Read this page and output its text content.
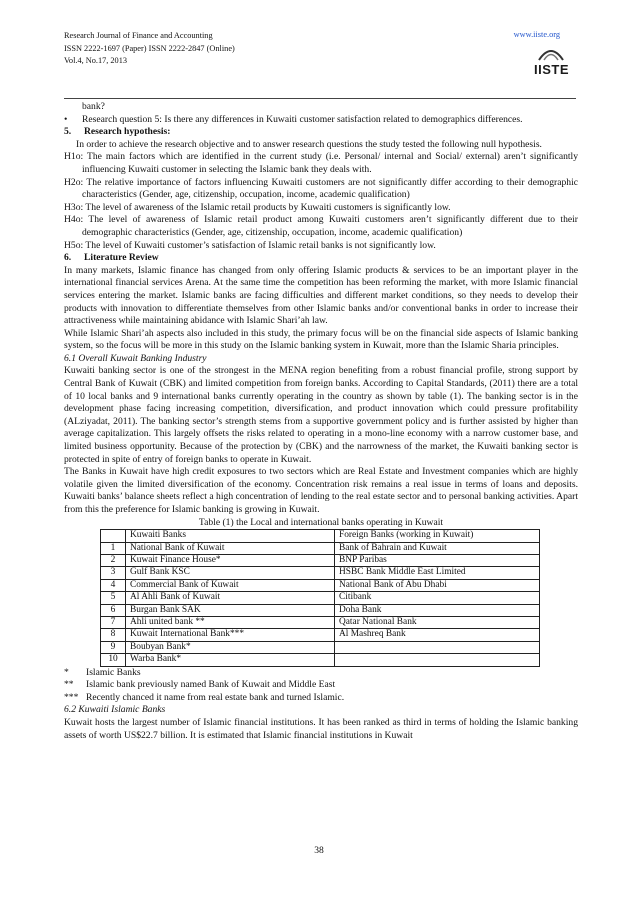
Research Journal of Finance and Accounting
ISSN 2222-1697 (Paper) ISSN 2222-2847 (Online)
Vol.4, No.17, 2013
www.iiste.org
IISTE

bank?

• Research question 5: Is there any differences in Kuwaiti customer satisfaction related to demographics differences.

5. Research hypothesis:

In order to achieve the research objective and to answer research questions the study tested the following null hypothesis.

H1o: The main factors which are identified in the current study (i.e. Personal/ internal and Social/ external) aren’t significantly influencing Kuwaiti customer in selecting the Islamic bank they deals with.

H2o: The relative importance of factors influencing Kuwaiti customers are not significantly differ according to their demographic characteristics (Gender, age, citizenship, occupation, income, academic qualification)

H3o: The level of awareness of the Islamic retail products by Kuwaiti customers is significantly low.

H4o: The level of awareness of Islamic retail product among Kuwaiti customers aren’t significantly different due to their demographic characteristics (Gender, age, citizenship, occupation, income, academic qualification)

H5o: The level of Kuwaiti customer’s satisfaction of Islamic retail banks is not significantly low.

6. Literature Review

In many markets, Islamic finance has changed from only offering Islamic products & services to be an important player in the international financial services Arena. At the same time the competition has been reforming the market, with more Islamic financial services entering the market. Islamic banks are facing difficulties and different market conditions, so they needs to develop their products with innovation to differentiate themselves from other Islamic banks and/or conventional banks in order to increase their attractiveness while maintaining abidance with Islamic Shari’ah law.

While Islamic Shari’ah aspects also included in this study, the primary focus will be on the financial side aspects of Islamic banking system, so the focus will be more in this study on the Islamic banking system in Kuwait, more than the Islamic Sharia principles.

6.1 Overall Kuwait Banking Industry

Kuwaiti banking sector is one of the strongest in the MENA region benefiting from a robust financial profile, strong support by Central Bank of Kuwait (CBK) and limited competition from foreign banks. According to Capital Standards, (2011) there are a total of 10 local banks and 9 international banks currently operating in the country as shown by table (1). The banking sector is in the development phase facing increasing competition, diversification, and product innovation which could pressure profitability (ALziyadat, 2011). The banking sector’s strength stems from a supportive government policy and is further assisted by higher than average capitalization. This largely offsets the risks related to operating in a mono-line economy with a narrow customer base, and limited business opportunity. Because of the protection by (CBK) and the narrowness of the market, the Kuwaiti banking sector is protected in spite of entry of foreign banks to operate in Kuwait.

The Banks in Kuwait have high credit exposures to two sectors which are Real Estate and Investment companies which are highly volatile given the limited diversification of the economy. Concentration risk remains a real issue in terms of loans and deposits. Kuwaiti banks’ balance sheets reflect a high concentration of lending to the real estate sector and to personal banking activities. Apart from this the preference for Islamic banking is growing in Kuwait.

Table (1) the Local and international banks operating in Kuwait

	Kuwaiti Banks	Foreign Banks (working in Kuwait)
1	National Bank of Kuwait	Bank of Bahrain and Kuwait
2	Kuwait Finance House*	BNP Paribas
3	Gulf Bank KSC	HSBC Bank Middle East Limited
4	Commercial Bank of Kuwait	National Bank of Abu Dhabi
5	Al Ahli Bank of Kuwait	Citibank
6	Burgan Bank SAK	Doha Bank
7	Ahli united bank **	Qatar National Bank
8	Kuwait International Bank***	Al Mashreq Bank
9	Boubyan Bank*	
10	Warba Bank*	

* Islamic Banks

** Islamic bank previously named Bank of Kuwait and Middle East

*** Recently chanced it name from real estate bank and turned Islamic.

6.2 Kuwaiti Islamic Banks

Kuwait hosts the largest number of Islamic financial institutions. It has been ranked as third in terms of holding the Islamic banking assets of worth US$22.7 billion. It is estimated that Islamic financial institutions in Kuwait

38
